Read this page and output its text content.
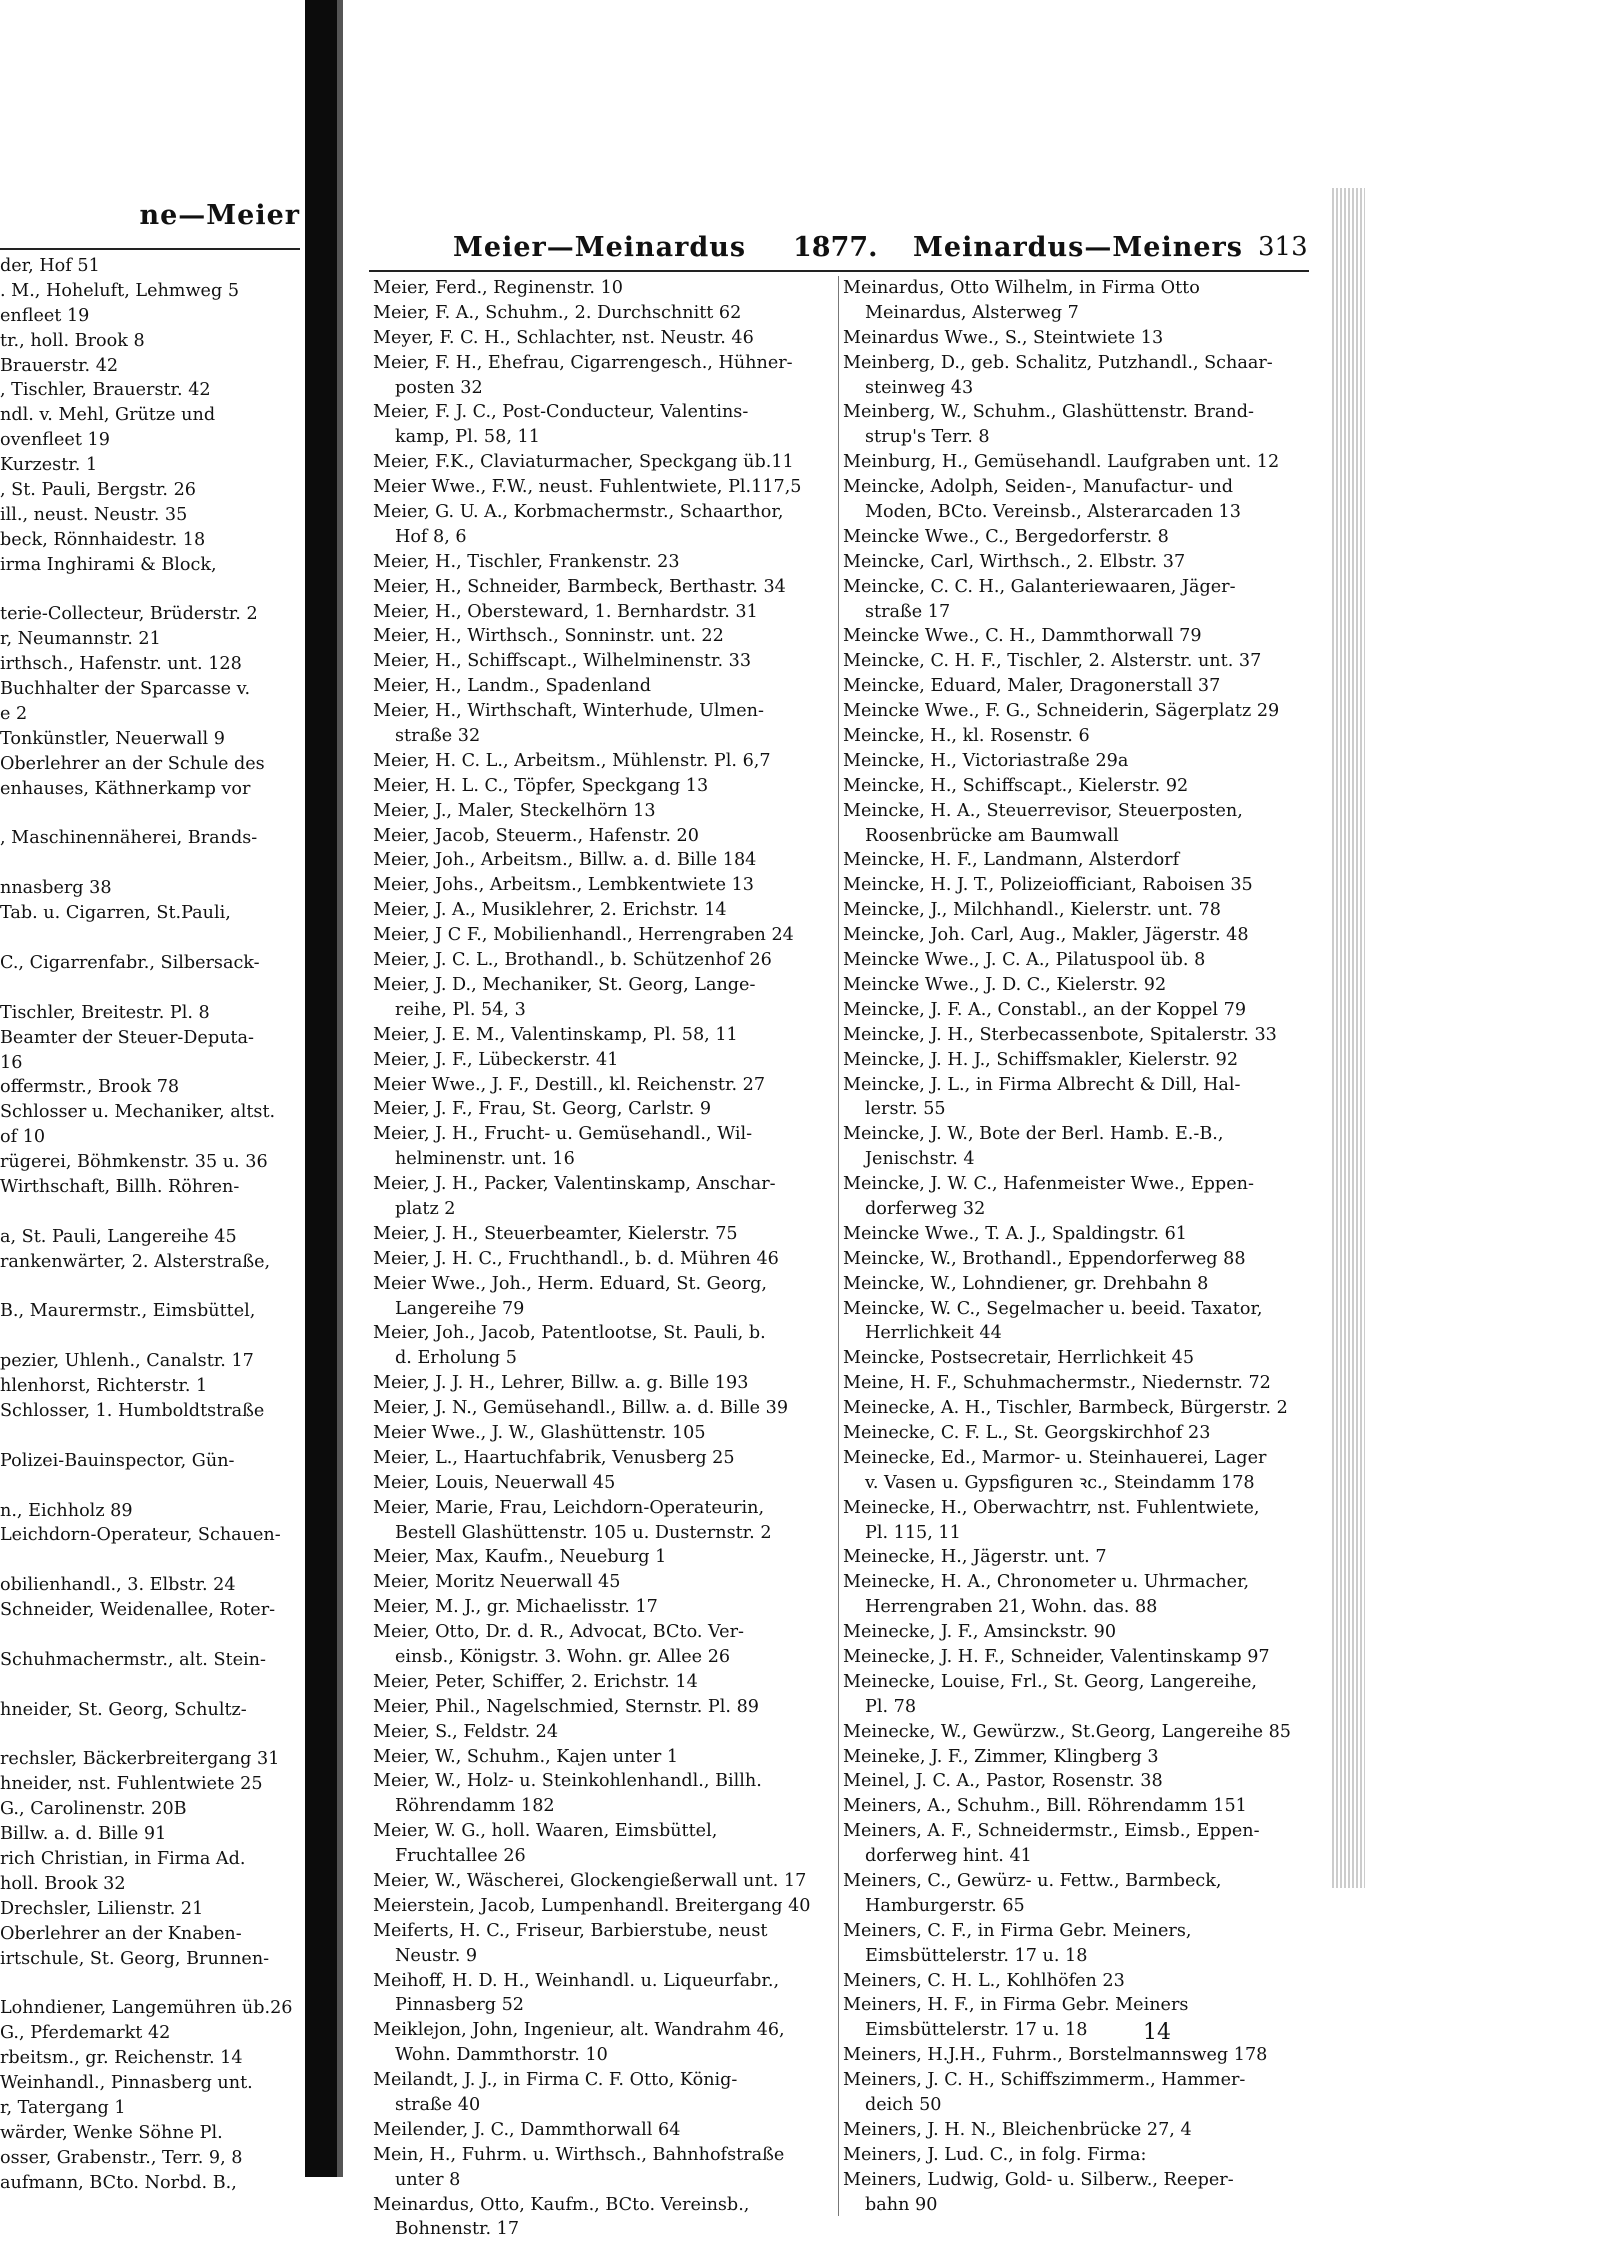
ne—Meier
der, Hof 51
. M., Hoheluft, Lehmweg 5
enfleet 19
tr., holl. Brook 8
Brauerstr. 42
, Tischler, Brauerstr. 42
ndl. v. Mehl, Grütze und
ovenfleet 19
Kurzestr. 1
, St. Pauli, Bergstr. 26
ill., neust. Neustr. 35
beck, Rönnhaidestr. 18
irma Inghirami & Block,
terie-Collecteur, Brüderstr. 2
r, Neumannstr. 21
irthsch., Hafenstr. unt. 128
Buchhalter der Sparcasse v.
e 2
Tonkünstler, Neuerwall 9
Oberlehrer an der Schule des
enhauses, Käthnerkamp vor
, Maschinennäherei, Brands-
nnasberg 38
Tab. u. Cigarren, St.Pauli,
C., Cigarrenfabr., Silbersack-
Tischler, Breitestr. Pl. 8
Beamter der Steuer-Deputa-
16
offermstr., Brook 78
Schlosser u. Mechaniker, altst.
of 10
rügerei, Böhmkenstr. 35 u. 36
Wirthschaft, Billh. Röhren-
a, St. Pauli, Langereihe 45
rankenwärter, 2. Alsterstraße,
B., Maurermstr., Eimsbüttel,
pezier, Uhlenh., Canalstr. 17
hlenhorst, Richterstr. 1
Schlosser, 1. Humboldtstraße
Polizei-Bauinspector, Gün-
n., Eichholz 89
Leichdorn-Operateur, Schauen-
obilienhandl., 3. Elbstr. 24
Schneider, Weidenallee, Roter-
Schuhmachermstr., alt. Stein-
hneider, St. Georg, Schultz-
rechsler, Bäckerbreitergang 31
hneider, nst. Fuhlentwiete 25
G., Carolinenstr. 20B
Billw. a. d. Bille 91
rich Christian, in Firma Ad.
holl. Brook 32
Drechsler, Lilienstr. 21
Oberlehrer an der Knaben-
irtschule, St. Georg, Brunnen-
Lohndiener, Langemühren üb.26
G., Pferdemarkt 42
rbeitsm., gr. Reichenstr. 14
Weinhandl., Pinnasberg unt.
r, Tatergang 1
wärder, Wenke Söhne Pl.
osser, Grabenstr., Terr. 9, 8
aufmann, BCto. Norbd. B.,
Meier—Meinardus 1877. Meinardus—Meiners 313
Meier, Ferd., Reginenstr. 10
Meier, F. A., Schuhm., 2. Durchschnitt 62
Meyer, F. C. H., Schlachter, nst. Neustr. 46
Meier, F. H., Ehefrau, Cigarrengesch., Hühner-
posten 32
Meier, F. J. C., Post-Conducteur, Valentins-
kamp, Pl. 58, 11
Meier, F.K., Claviaturmacher, Speckgang üb.11
Meier Wwe., F.W., neust. Fuhlentwiete, Pl.117,5
Meier, G. U. A., Korbmachermstr., Schaarthor,
Hof 8, 6
Meier, H., Tischler, Frankenstr. 23
Meier, H., Schneider, Barmbeck, Berthastr. 34
Meier, H., Obersteward, 1. Bernhardstr. 31
Meier, H., Wirthsch., Sonninstr. unt. 22
Meier, H., Schiffscapt., Wilhelminenstr. 33
Meier, H., Landm., Spadenland
Meier, H., Wirthschaft, Winterhude, Ulmen-
straße 32
Meier, H. C. L., Arbeitsm., Mühlenstr. Pl. 6,7
Meier, H. L. C., Töpfer, Speckgang 13
Meier, J., Maler, Steckelhörn 13
Meier, Jacob, Steuerm., Hafenstr. 20
Meier, Joh., Arbeitsm., Billw. a. d. Bille 184
Meier, Johs., Arbeitsm., Lembkentwiete 13
Meier, J. A., Musiklehrer, 2. Erichstr. 14
Meier, J C F., Mobilienhandl., Herrengraben 24
Meier, J. C. L., Brothandl., b. Schützenhof 26
Meier, J. D., Mechaniker, St. Georg, Lange-
reihe, Pl. 54, 3
Meier, J. E. M., Valentinskamp, Pl. 58, 11
Meier, J. F., Lübeckerstr. 41
Meier Wwe., J. F., Destill., kl. Reichenstr. 27
Meier, J. F., Frau, St. Georg, Carlstr. 9
Meier, J. H., Frucht- u. Gemüsehandl., Wil-
helminenstr. unt. 16
Meier, J. H., Packer, Valentinskamp, Anschar-
platz 2
Meier, J. H., Steuerbeamter, Kielerstr. 75
Meier, J. H. C., Fruchthandl., b. d. Mühren 46
Meier Wwe., Joh., Herm. Eduard, St. Georg,
Langereihe 79
Meier, Joh., Jacob, Patentlootse, St. Pauli, b.
d. Erholung 5
Meier, J. J. H., Lehrer, Billw. a. g. Bille 193
Meier, J. N., Gemüsehandl., Billw. a. d. Bille 39
Meier Wwe., J. W., Glashüttenstr. 105
Meier, L., Haartuchfabrik, Venusberg 25
Meier, Louis, Neuerwall 45
Meier, Marie, Frau, Leichdorn-Operateurin,
Bestell Glashüttenstr. 105 u. Dusternstr. 2
Meier, Max, Kaufm., Neueburg 1
Meier, Moritz Neuerwall 45
Meier, M. J., gr. Michaelisstr. 17
Meier, Otto, Dr. d. R., Advocat, BCto. Ver-
einsb., Königstr. 3. Wohn. gr. Allee 26
Meier, Peter, Schiffer, 2. Erichstr. 14
Meier, Phil., Nagelschmied, Sternstr. Pl. 89
Meier, S., Feldstr. 24
Meier, W., Schuhm., Kajen unter 1
Meier, W., Holz- u. Steinkohlenhandl., Billh.
Röhrendamm 182
Meier, W. G., holl. Waaren, Eimsbüttel,
Fruchtallee 26
Meier, W., Wäscherei, Glockengießerwall unt. 17
Meierstein, Jacob, Lumpenhandl. Breitergang 40
Meiferts, H. C., Friseur, Barbierstube, neust
Neustr. 9
Meihoff, H. D. H., Weinhandl. u. Liqueurfabr.,
Pinnasberg 52
Meiklejon, John, Ingenieur, alt. Wandrahm 46,
Wohn. Dammthorstr. 10
Meilandt, J. J., in Firma C. F. Otto, König-
straße 40
Meilender, J. C., Dammthorwall 64
Mein, H., Fuhrm. u. Wirthsch., Bahnhofstraße
unter 8
Meinardus, Otto, Kaufm., BCto. Vereinsb.,
Bohnenstr. 17
Meinardus, Otto Wilhelm, in Firma Otto
Meinardus, Alsterweg 7
Meinardus Wwe., S., Steintwiete 13
Meinberg, D., geb. Schalitz, Putzhandl., Schaar-
steinweg 43
Meinberg, W., Schuhm., Glashüttenstr. Brand-
strup's Terr. 8
Meinburg, H., Gemüsehandl. Laufgraben unt. 12
Meincke, Adolph, Seiden-, Manufactur- und
Moden, BCto. Vereinsb., Alsterarcaden 13
Meincke Wwe., C., Bergedorferstr. 8
Meincke, Carl, Wirthsch., 2. Elbstr. 37
Meincke, C. C. H., Galanteriewaaren, Jäger-
straße 17
Meincke Wwe., C. H., Dammthorwall 79
Meincke, C. H. F., Tischler, 2. Alsterstr. unt. 37
Meincke, Eduard, Maler, Dragonerstall 37
Meincke Wwe., F. G., Schneiderin, Sägerplatz 29
Meincke, H., kl. Rosenstr. 6
Meincke, H., Victoriastraße 29a
Meincke, H., Schiffscapt., Kielerstr. 92
Meincke, H. A., Steuerrevisor, Steuerposten,
Roosenbrücke am Baumwall
Meincke, H. F., Landmann, Alsterdorf
Meincke, H. J. T., Polizeiofficiant, Raboisen 35
Meincke, J., Milchhandl., Kielerstr. unt. 78
Meincke, Joh. Carl, Aug., Makler, Jägerstr. 48
Meincke Wwe., J. C. A., Pilatuspool üb. 8
Meincke Wwe., J. D. C., Kielerstr. 92
Meincke, J. F. A., Constabl., an der Koppel 79
Meincke, J. H., Sterbecassenbote, Spitalerstr. 33
Meincke, J. H. J., Schiffsmakler, Kielerstr. 92
Meincke, J. L., in Firma Albrecht & Dill, Hal-
lerstr. 55
Meincke, J. W., Bote der Berl. Hamb. E.-B.,
Jenischstr. 4
Meincke, J. W. C., Hafenmeister Wwe., Eppen-
dorferweg 32
Meincke Wwe., T. A. J., Spaldingstr. 61
Meincke, W., Brothandl., Eppendorferweg 88
Meincke, W., Lohndiener, gr. Drehbahn 8
Meincke, W. C., Segelmacher u. beeid. Taxator,
Herrlichkeit 44
Meincke, Postsecretair, Herrlichkeit 45
Meine, H. F., Schuhmachermstr., Niedernstr. 72
Meinecke, A. H., Tischler, Barmbeck, Bürgerstr. 2
Meinecke, C. F. L., St. Georgskirchhof 23
Meinecke, Ed., Marmor- u. Steinhauerei, Lager
v. Vasen u. Gypsfiguren ꝛc., Steindamm 178
Meinecke, H., Oberwachtrr, nst. Fuhlentwiete,
Pl. 115, 11
Meinecke, H., Jägerstr. unt. 7
Meinecke, H. A., Chronometer u. Uhrmacher,
Herrengraben 21, Wohn. das. 88
Meinecke, J. F., Amsinckstr. 90
Meinecke, J. H. F., Schneider, Valentinskamp 97
Meinecke, Louise, Frl., St. Georg, Langereihe,
Pl. 78
Meinecke, W., Gewürzw., St.Georg, Langereihe 85
Meineke, J. F., Zimmer, Klingberg 3
Meinel, J. C. A., Pastor, Rosenstr. 38
Meiners, A., Schuhm., Bill. Röhrendamm 151
Meiners, A. F., Schneidermstr., Eimsb., Eppen-
dorferweg hint. 41
Meiners, C., Gewürz- u. Fettw., Barmbeck,
Hamburgerstr. 65
Meiners, C. F., in Firma Gebr. Meiners,
Eimsbüttelerstr. 17 u. 18
Meiners, C. H. L., Kohlhöfen 23
Meiners, H. F., in Firma Gebr. Meiners
Eimsbüttelerstr. 17 u. 18
Meiners, H.J.H., Fuhrm., Borstelmannsweg 178
Meiners, J. C. H., Schiffszimmerm., Hammer-
deich 50
Meiners, J. H. N., Bleichenbrücke 27, 4
Meiners, J. Lud. C., in folg. Firma:
Meiners, Ludwig, Gold- u. Silberw., Reeper-
bahn 90
14
